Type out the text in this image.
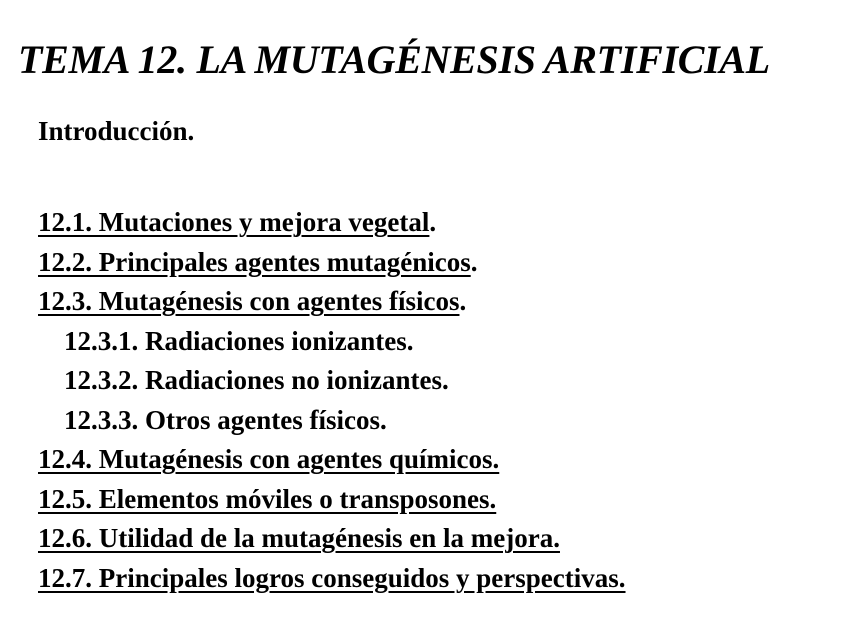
TEMA 12. LA MUTAGÉNESIS ARTIFICIAL
Introducción.
12.1. Mutaciones y mejora vegetal.
12.2. Principales agentes mutagénicos.
12.3. Mutagénesis con agentes físicos.
12.3.1. Radiaciones ionizantes.
12.3.2. Radiaciones no ionizantes.
12.3.3. Otros agentes físicos.
12.4. Mutagénesis con agentes químicos.
12.5. Elementos móviles o transposones.
12.6. Utilidad de la mutagénesis en la mejora.
12.7. Principales logros conseguidos y perspectivas.
